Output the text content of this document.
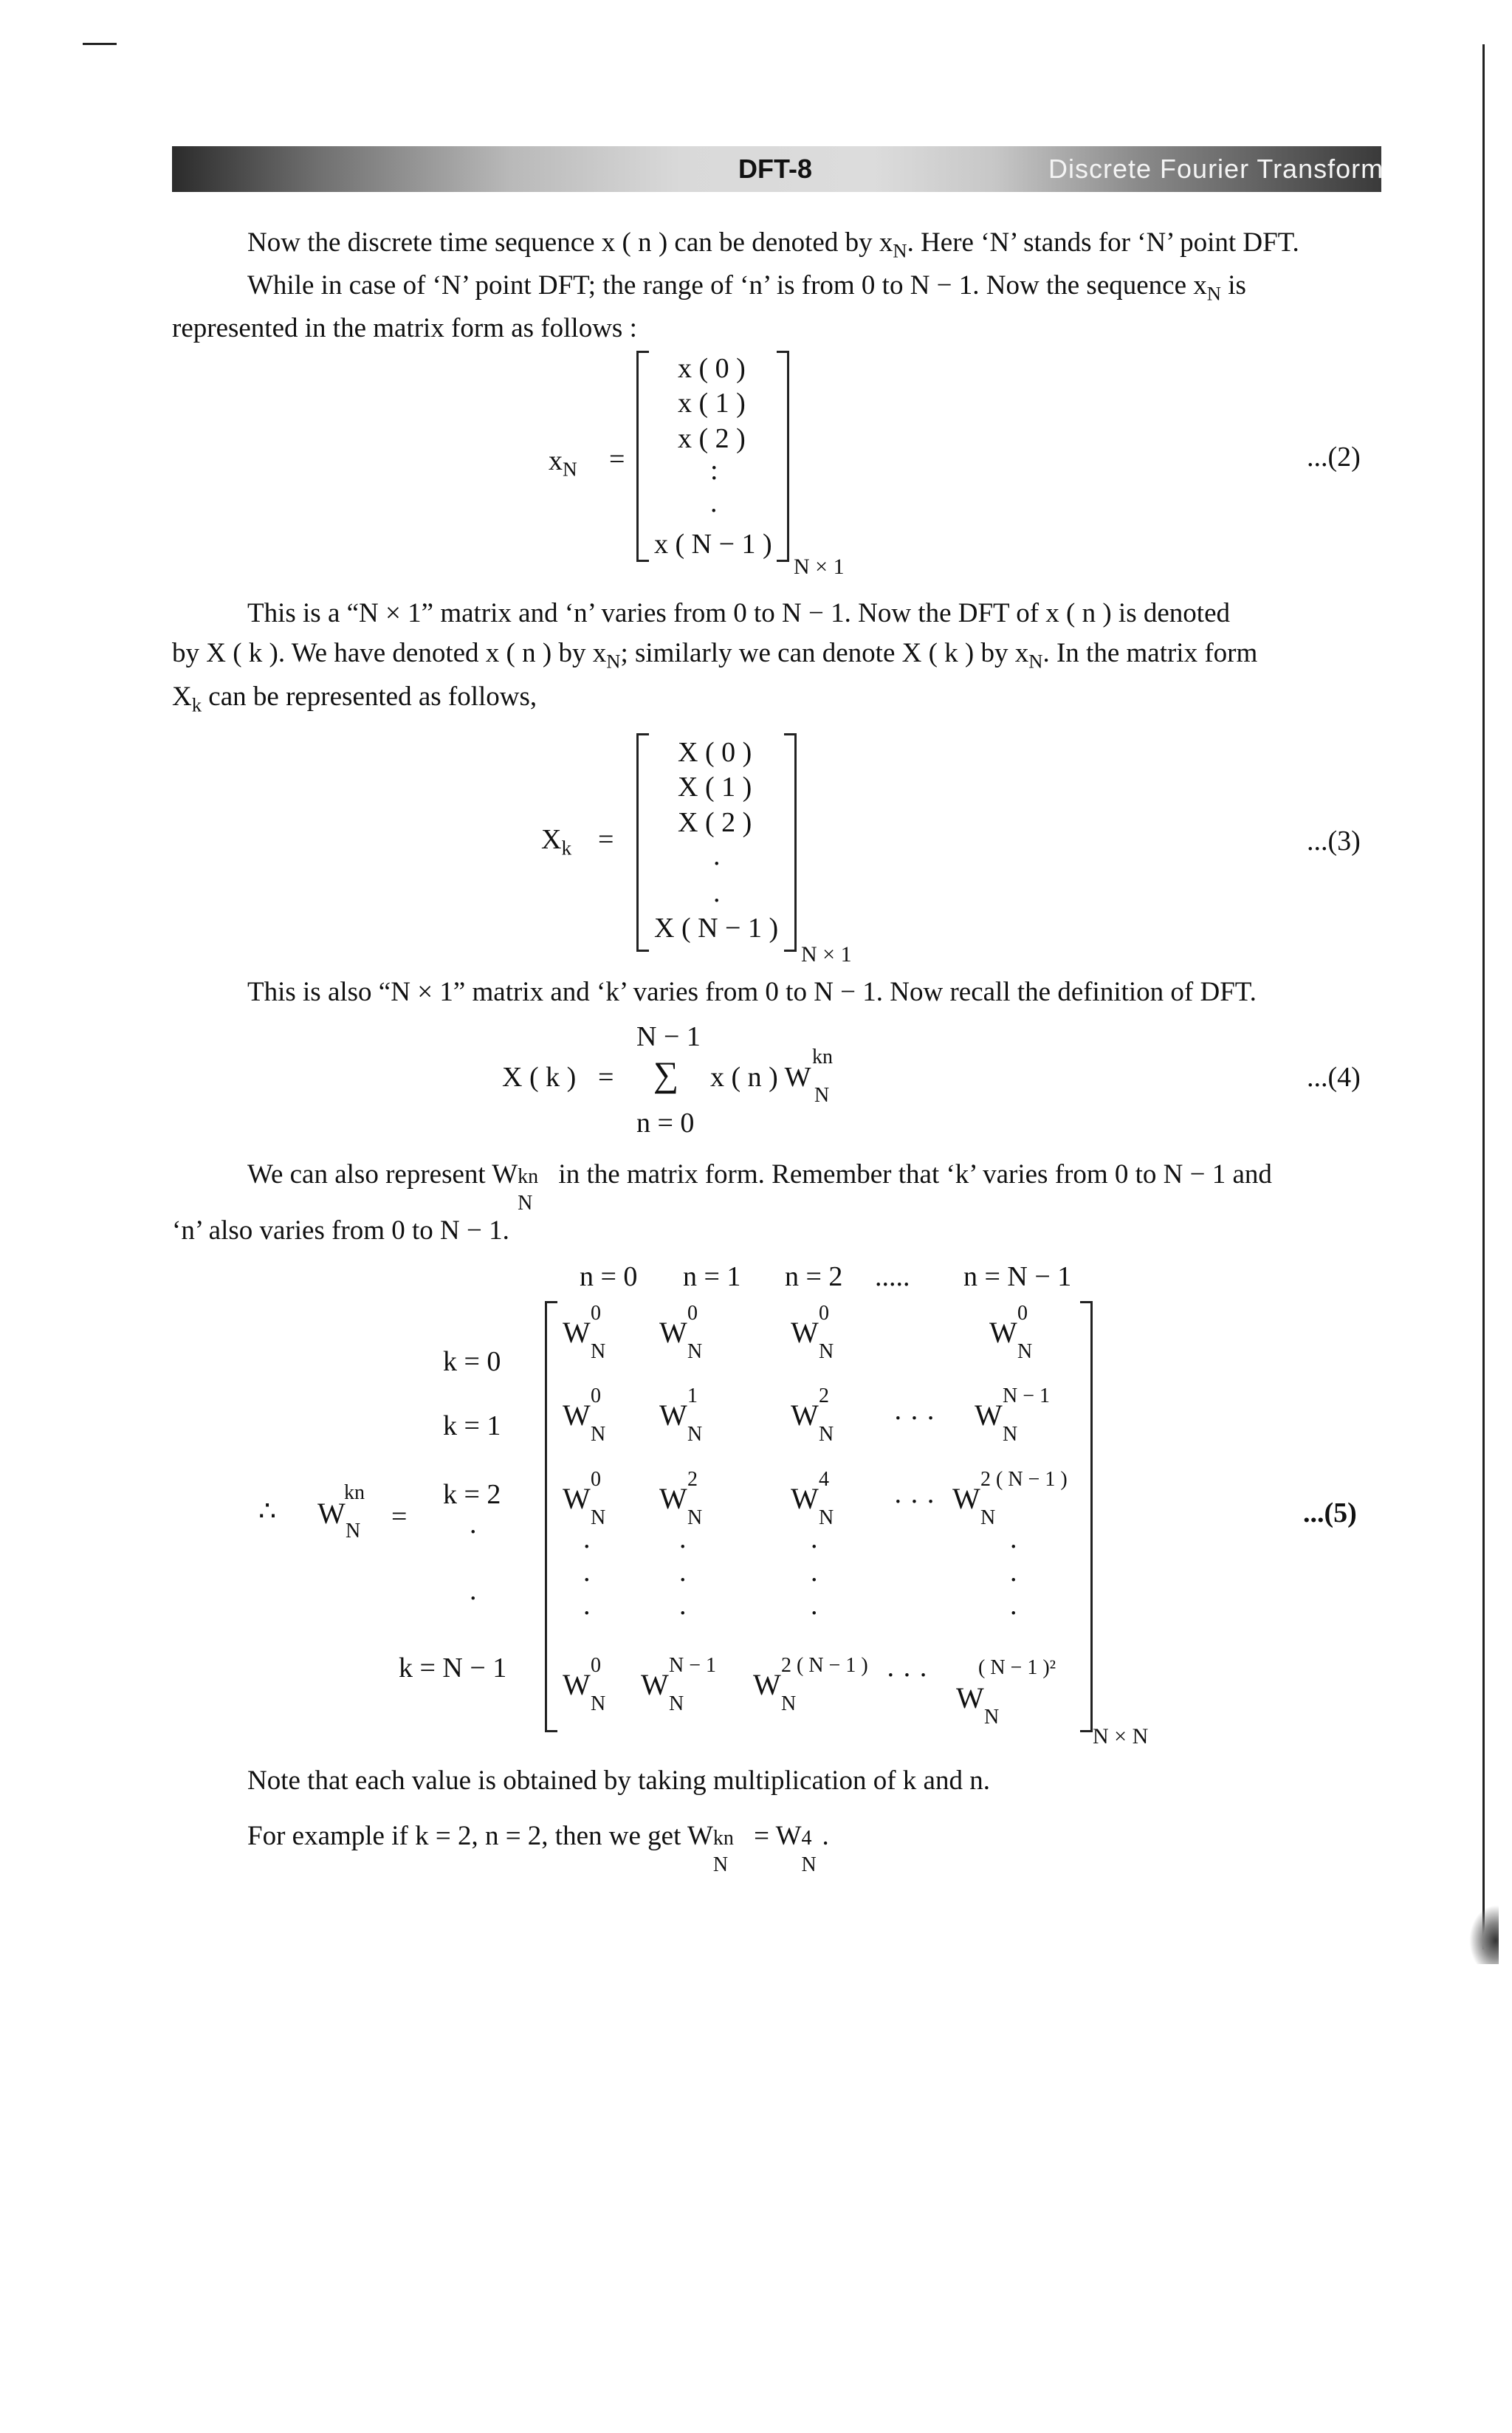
DFT-8	Discrete Fourier Transform
Now the discrete time sequence x ( n ) can be denoted by $x_N$. Here ‘N’ stands for ‘N’ point DFT.
While in case of ‘N’ point DFT; the range of ‘n’ is from 0 to N − 1. Now the sequence $x_N$ is
represented in the matrix form as follows :
$x_N$ =
x ( 0 )
x ( 1 )
x ( 2 )
:
.
x ( N − 1 )
N × 1
...(2)
This is a “N × 1” matrix and ‘n’ varies from 0 to N − 1. Now the DFT of x ( n ) is denoted
by X ( k ). We have denoted x ( n ) by $x_N$; similarly we can denote X ( k ) by $x_N$. In the matrix form
$X_k$ can be represented as follows,
$X_k$ =
X ( 0 )
X ( 1 )
X ( 2 )
.
.
X ( N − 1 )
N × 1
...(3)
This is also “N × 1” matrix and ‘k’ varies from 0 to N − 1. Now recall the definition of DFT.
N − 1
X ( k ) = ∑ x ( n ) W
kn
N
n = 0
...(4)
We can also represent W kn
N
in the matrix form. Remember that ‘k’ varies from 0 to N − 1 and
‘n’ also varies from 0 to N − 1.
n = 0 n = 1 n = 2 ..... n = N − 1
k = 0
k = 1
k = 2
.
.
k = N − 1
∴ W
kn
N =
W
0
N
W
0
N
W
0
N
W
0
N
W
0
N
W
1
N
W
2
N
· · · W
N − 1
N
W
0
N
W
2
N
W
4
N
· · · W
2 ( N − 1 )
N
.
.
.
.
.
.
.
.
.
.
.
.
W
0
N
W
N − 1
N
W
2 ( N − 1 )
N
· · ·
W
( N − 1 )²
N
N × N
...(5)
Note that each value is obtained by taking multiplication of k and n.
For example if k = 2, n = 2, then we get W kn
N
= W 4
N
.
